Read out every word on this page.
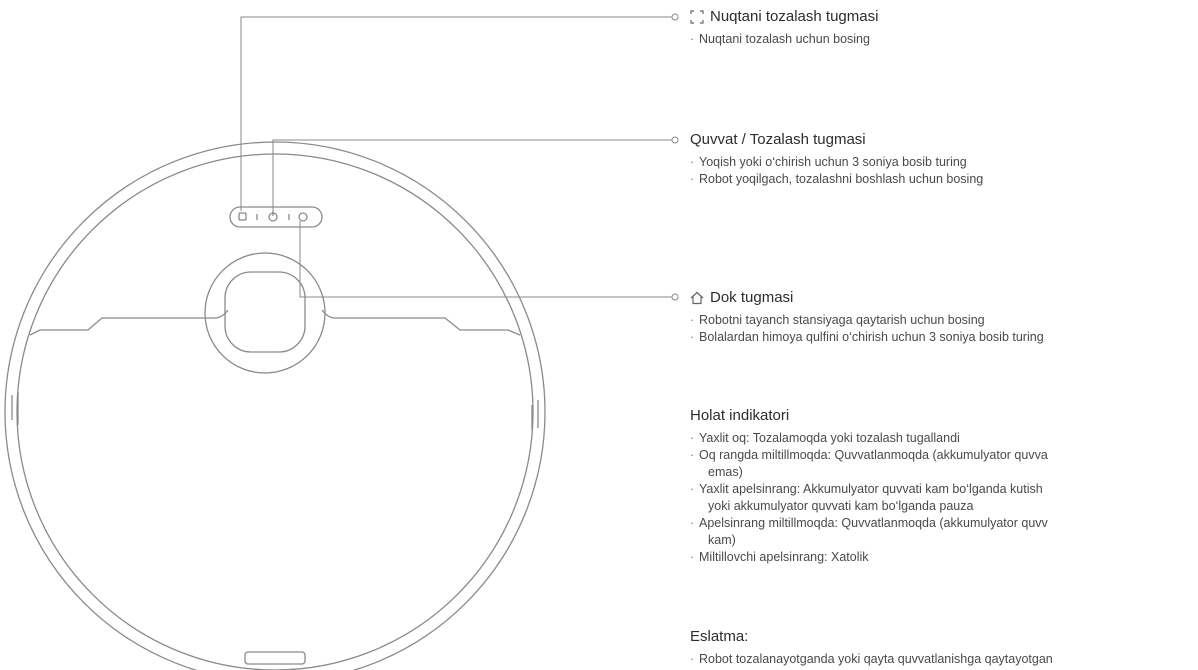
Nuqtani tozalash tugmasi
· Nuqtani tozalash uchun bosing
Quvvat / Tozalash tugmasi
· Yoqish yoki o‘chirish uchun 3 soniya bosib turing
· Robot yoqilgach, tozalashni boshlash uchun bosing
Dok tugmasi
· Robotni tayanch stansiyaga qaytarish uchun bosing
· Bolalardan himoya qulfini o‘chirish uchun 3 soniya bosib turing
Holat indikatori
· Yaxlit oq: Tozalamoqda yoki tozalash tugallandi
· Oq rangda miltillmoqda: Quvvatlanmoqda (akkumulyator quvva
emas)
· Yaxlit apelsinrang: Akkumulyator quvvati kam bo‘lganda kutish
yoki akkumulyator quvvati kam bo‘lganda pauza
· Apelsinrang miltillmoqda: Quvvatlanmoqda (akkumulyator quvv
kam)
· Miltillovchi apelsinrang: Xatolik
Eslatma:
· Robot tozalanayotganda yoki qayta quvvatlanishga qaytayotgan
